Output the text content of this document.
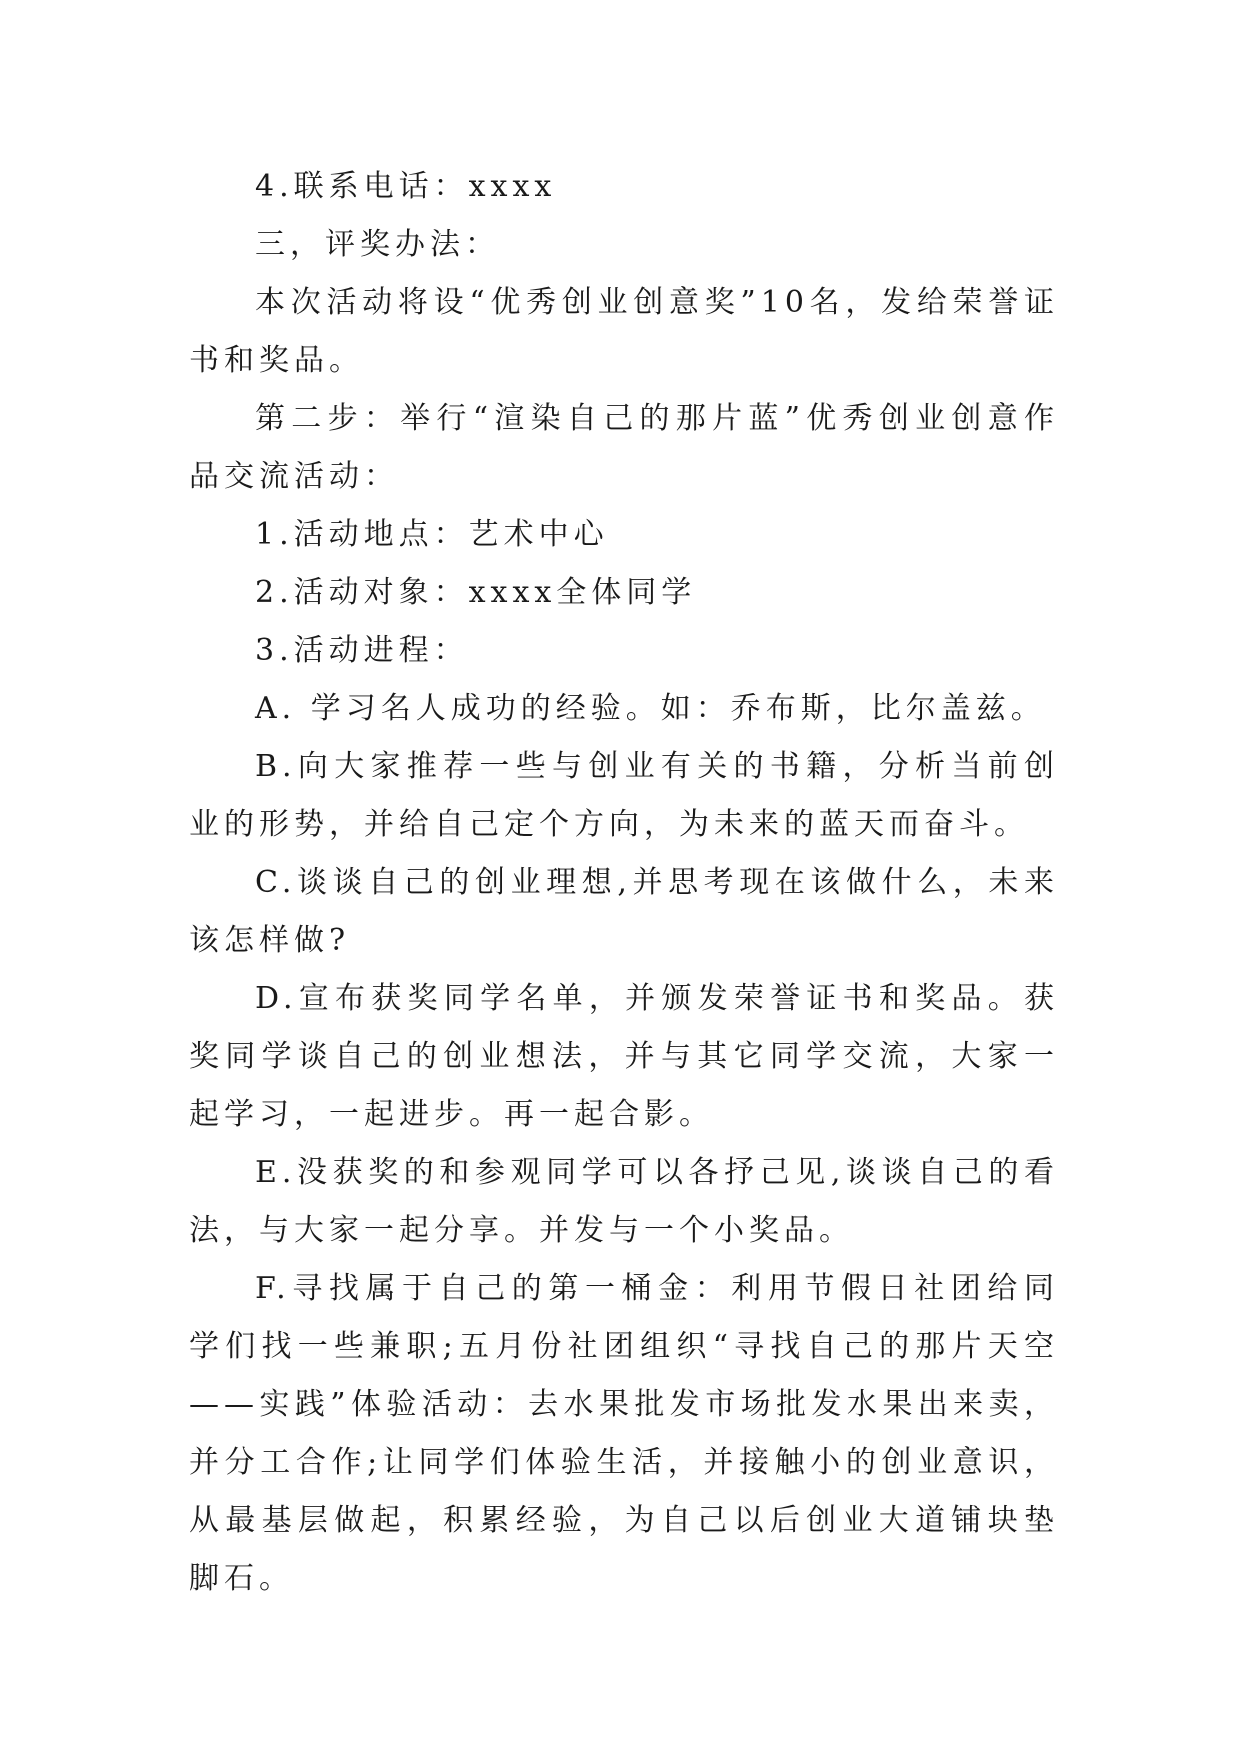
4.联系电话：xxxx

三，评奖办法：

本次活动将设“优秀创业创意奖”10名，发给荣誉证书和奖品。

第二步：举行“渲染自己的那片蓝”优秀创业创意作品交流活动：

1.活动地点：艺术中心

2.活动对象：xxxx全体同学

3.活动进程：

A. 学习名人成功的经验。如：乔布斯，比尔盖兹。

B.向大家推荐一些与创业有关的书籍，分析当前创业的形势，并给自己定个方向，为未来的蓝天而奋斗。

C.谈谈自己的创业理想,并思考现在该做什么，未来该怎样做?

D.宣布获奖同学名单，并颁发荣誉证书和奖品。获奖同学谈自己的创业想法，并与其它同学交流，大家一起学习，一起进步。再一起合影。

E.没获奖的和参观同学可以各抒己见,谈谈自己的看法，与大家一起分享。并发与一个小奖品。

F.寻找属于自己的第一桶金：利用节假日社团给同学们找一些兼职;五月份社团组织“寻找自己的那片天空——实践”体验活动：去水果批发市场批发水果出来卖，并分工合作;让同学们体验生活，并接触小的创业意识，从最基层做起，积累经验，为自己以后创业大道铺块垫脚石。
